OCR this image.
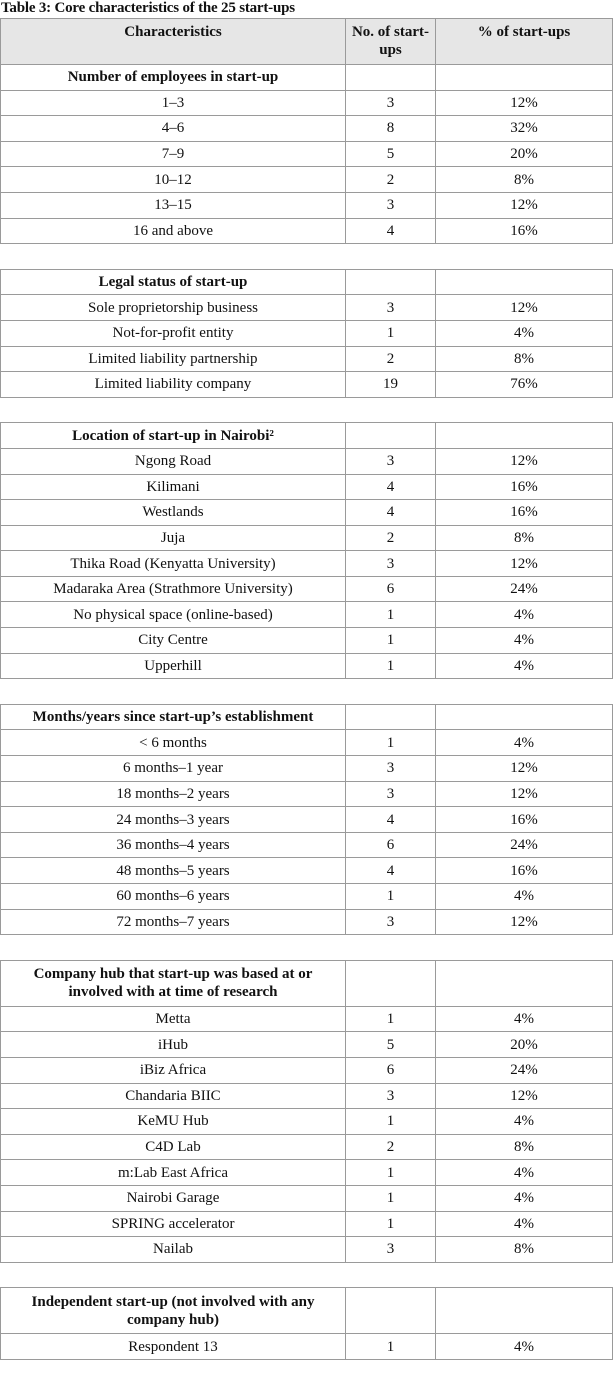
Table 3: Core characteristics of the 25 start-ups
Characteristics	No. of start-ups	% of start-ups
Number of employees in start-up		
1–3	3	12%
4–6	8	32%
7–9	5	20%
10–12	2	8%
13–15	3	12%
16 and above	4	16%

Legal status of start-up		
Sole proprietorship business	3	12%
Not-for-profit entity	1	4%
Limited liability partnership	2	8%
Limited liability company	19	76%

Location of start-up in Nairobi²		
Ngong Road	3	12%
Kilimani	4	16%
Westlands	4	16%
Juja	2	8%
Thika Road (Kenyatta University)	3	12%
Madaraka Area (Strathmore University)	6	24%
No physical space (online-based)	1	4%
City Centre	1	4%
Upperhill	1	4%

Months/years since start-up’s establishment		
< 6 months	1	4%
6 months–1 year	3	12%
18 months–2 years	3	12%
24 months–3 years	4	16%
36 months–4 years	6	24%
48 months–5 years	4	16%
60 months–6 years	1	4%
72 months–7 years	3	12%

Company hub that start-up was based at or involved with at time of research		
Metta	1	4%
iHub	5	20%
iBiz Africa	6	24%
Chandaria BIIC	3	12%
KeMU Hub	1	4%
C4D Lab	2	8%
m:Lab East Africa	1	4%
Nairobi Garage	1	4%
SPRING accelerator	1	4%
Nailab	3	8%

Independent start-up (not involved with any company hub)		
Respondent 13	1	4%
